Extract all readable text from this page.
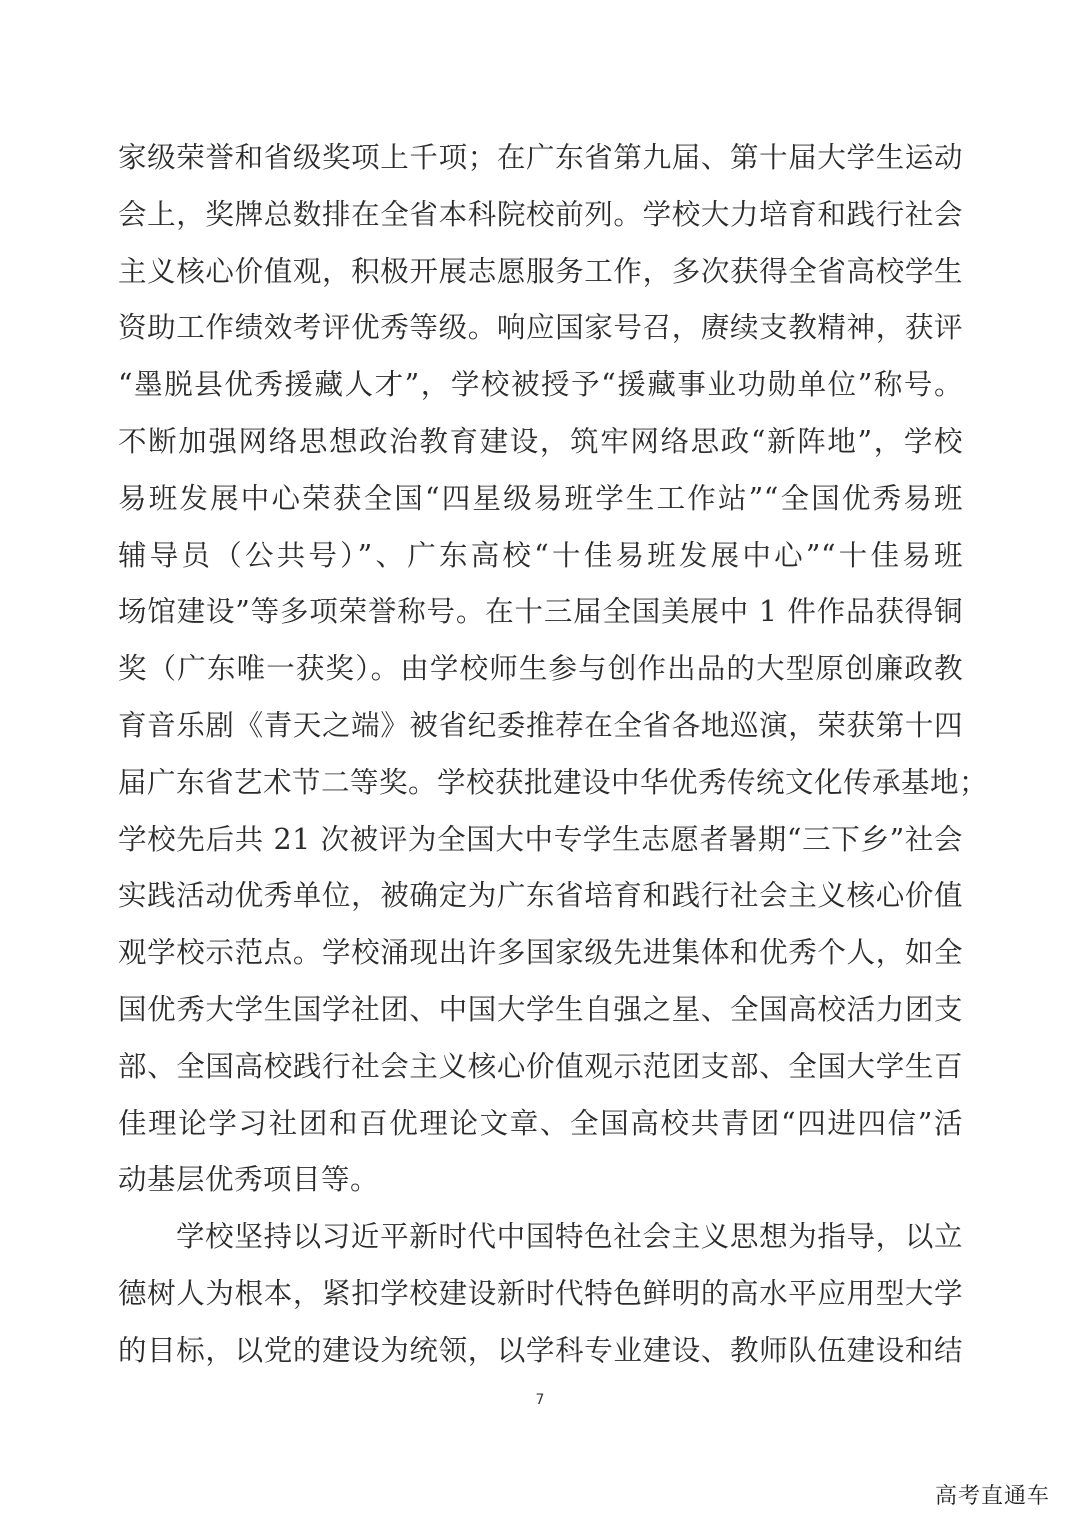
家级荣誉和省级奖项上千项；在广东省第九届、第十届大学生运动
会上，奖牌总数排在全省本科院校前列。学校大力培育和践行社会
主义核心价值观，积极开展志愿服务工作，多次获得全省高校学生
资助工作绩效考评优秀等级。响应国家号召，赓续支教精神，获评
“墨脱县优秀援藏人才”，学校被授予“援藏事业功勋单位”称号。
不断加强网络思想政治教育建设，筑牢网络思政“新阵地”，学校
易班发展中心荣获全国“四星级易班学生工作站”“全国优秀易班
辅导员（公共号）”、广东高校“十佳易班发展中心”“十佳易班
场馆建设”等多项荣誉称号。在十三届全国美展中 1 件作品获得铜
奖（广东唯一获奖）。由学校师生参与创作出品的大型原创廉政教
育音乐剧《青天之端》被省纪委推荐在全省各地巡演，荣获第十四
届广东省艺术节二等奖。学校获批建设中华优秀传统文化传承基地；
学校先后共 21 次被评为全国大中专学生志愿者暑期“三下乡”社会
实践活动优秀单位，被确定为广东省培育和践行社会主义核心价值
观学校示范点。学校涌现出许多国家级先进集体和优秀个人，如全
国优秀大学生国学社团、中国大学生自强之星、全国高校活力团支
部、全国高校践行社会主义核心价值观示范团支部、全国大学生百
佳理论学习社团和百优理论文章、全国高校共青团“四进四信”活
动基层优秀项目等。
学校坚持以习近平新时代中国特色社会主义思想为指导，以立
德树人为根本，紧扣学校建设新时代特色鲜明的高水平应用型大学
的目标，以党的建设为统领，以学科专业建设、教师队伍建设和结
7
高考直通车
